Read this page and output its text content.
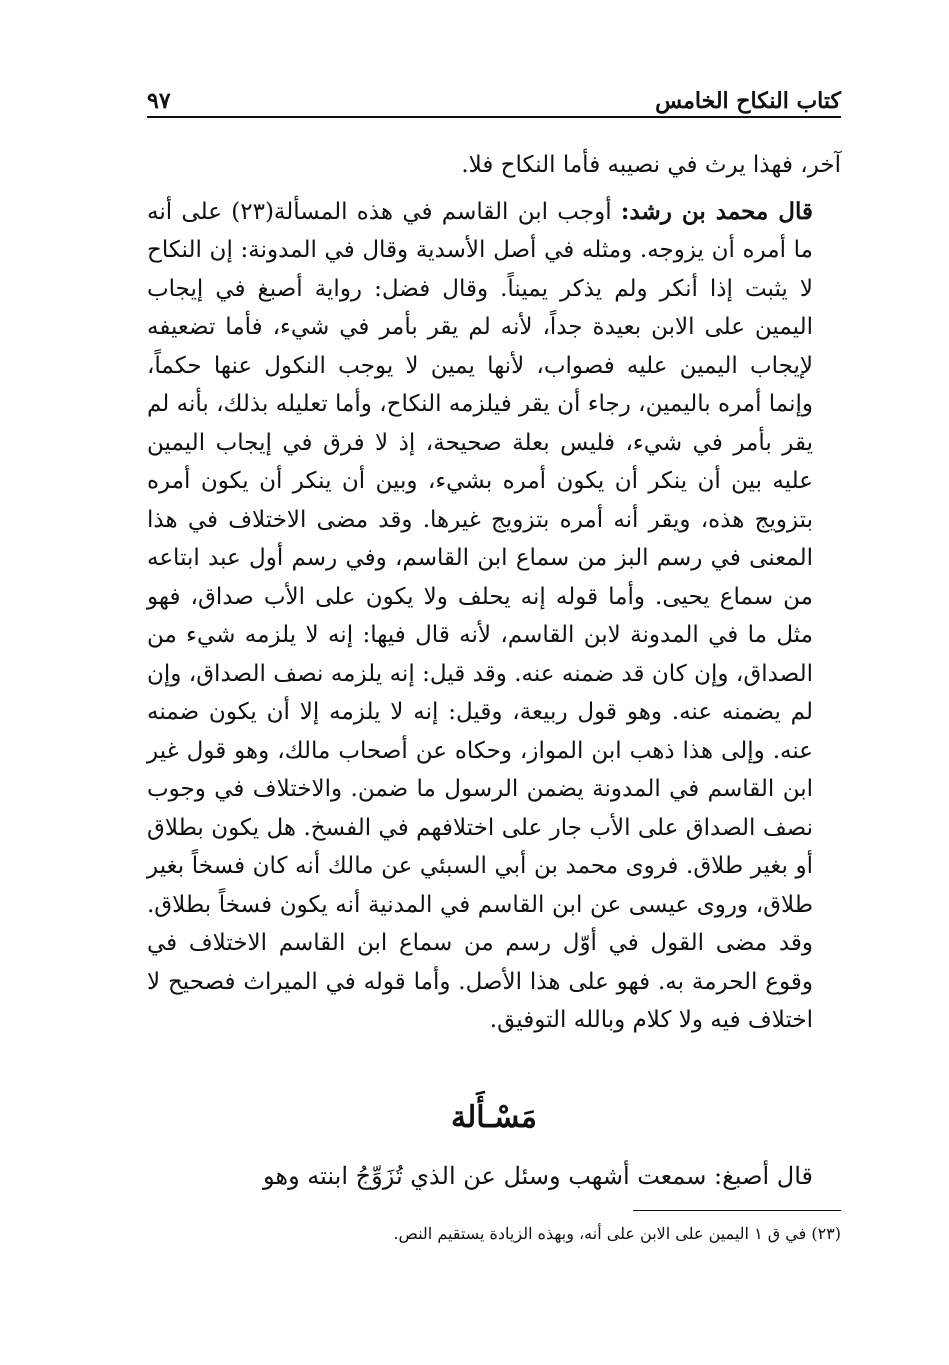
كتاب النكاح الخامس
٩٧

آخر، فهذا يرث في نصيبه فأما النكاح فلا.

قال محمد بن رشد: أوجب ابن القاسم في هذه المسألة(٢٣) على أنه ما أمره أن يزوجه. ومثله في أصل الأسدية وقال في المدونة: إن النكاح لا يثبت إذا أنكر ولم يذكر يميناً. وقال فضل: رواية أصبغ في إيجاب اليمين على الابن بعيدة جداً، لأنه لم يقر بأمر في شيء، فأما تضعيفه لإيجاب اليمين عليه فصواب، لأنها يمين لا يوجب النكول عنها حكماً، وإنما أمره باليمين، رجاء أن يقر فيلزمه النكاح، وأما تعليله بذلك، بأنه لم يقر بأمر في شيء، فليس بعلة صحيحة، إذ لا فرق في إيجاب اليمين عليه بين أن ينكر أن يكون أمره بشيء، وبين أن ينكر أن يكون أمره بتزويج هذه، ويقر أنه أمره بتزويج غيرها. وقد مضى الاختلاف في هذا المعنى في رسم البز من سماع ابن القاسم، وفي رسم أول عبد ابتاعه من سماع يحيى. وأما قوله إنه يحلف ولا يكون على الأب صداق، فهو مثل ما في المدونة لابن القاسم، لأنه قال فيها: إنه لا يلزمه شيء من الصداق، وإن كان قد ضمنه عنه. وقد قيل: إنه يلزمه نصف الصداق، وإن لم يضمنه عنه. وهو قول ربيعة، وقيل: إنه لا يلزمه إلا أن يكون ضمنه عنه. وإلى هذا ذهب ابن المواز، وحكاه عن أصحاب مالك، وهو قول غير ابن القاسم في المدونة يضمن الرسول ما ضمن. والاختلاف في وجوب نصف الصداق على الأب جار على اختلافهم في الفسخ. هل يكون بطلاق أو بغير طلاق. فروى محمد بن أبي السبئي عن مالك أنه كان فسخاً بغير طلاق، وروى عيسى عن ابن القاسم في المدنية أنه يكون فسخاً بطلاق. وقد مضى القول في أوّل رسم من سماع ابن القاسم الاختلاف في وقوع الحرمة به. فهو على هذا الأصل. وأما قوله في الميراث فصحيح لا اختلاف فيه ولا كلام وبالله التوفيق.

مَسْـأَلة
قال أصبغ: سمعت أشهب وسئل عن الذي تُزَوِّجُ ابنته وهو
(٢٣) في ق ١ اليمين على الابن على أنه، وبهذه الزيادة يستقيم النص.
